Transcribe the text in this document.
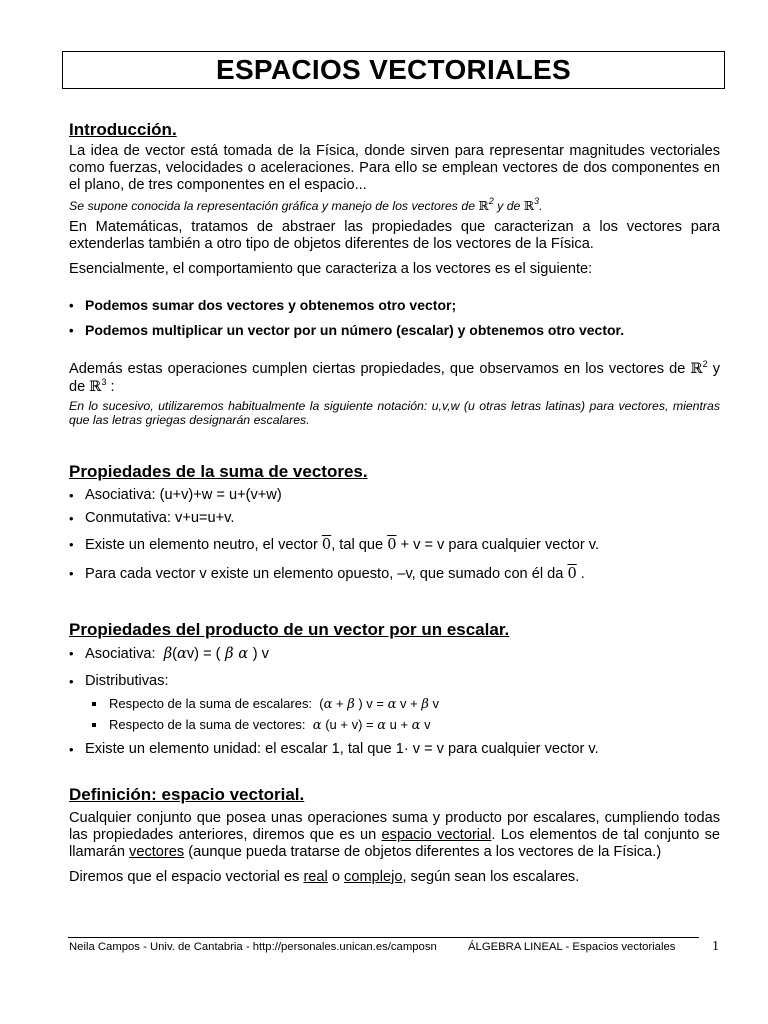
ESPACIOS VECTORIALES
Introducción.

La idea de vector está tomada de la Física, donde sirven para representar magnitudes vectoriales como fuerzas, velocidades o aceleraciones. Para ello se emplean vectores de dos componentes en el plano, de tres componentes en el espacio...

Se supone conocida la representación gráfica y manejo de los vectores de ℝ$^2$ y de ℝ$^3$.

En Matemáticas, tratamos de abstraer las propiedades que caracterizan a los vectores para extenderlas también a otro tipo de objetos diferentes de los vectores de la Física.

Esencialmente, el comportamiento que caracteriza a los vectores es el siguiente:

• Podemos sumar dos vectores y obtenemos otro vector;
• Podemos multiplicar un vector por un número (escalar) y obtenemos otro vector.

Además estas operaciones cumplen ciertas propiedades, que observamos en los vectores de ℝ$^2$ y de ℝ$^3$ :

En lo sucesivo, utilizaremos habitualmente la siguiente notación: u,v,w (u otras letras latinas) para vectores, mientras que las letras griegas designarán escalares.

Propiedades de la suma de vectores.
• Asociativa: (u+v)+w = u+(v+w)
• Conmutativa: v+u=u+v.
• Existe un elemento neutro, el vector 0, tal que 0 + v = v para cualquier vector v.
• Para cada vector v existe un elemento opuesto, –v, que sumado con él da 0 .
Propiedades del producto de un vector por un escalar.
• Asociativa: β(αv) = ( β α ) v
• Distributivas:
Respecto de la suma de escalares:  (α + β ) v = α v + β v
Respecto de la suma de vectores: α (u + v) = α u + α v
• Existe un elemento unidad: el escalar 1, tal que 1· v = v para cualquier vector v.
Definición: espacio vectorial.

Cualquier conjunto que posea unas operaciones suma y producto por escalares, cumpliendo todas las propiedades anteriores, diremos que es un espacio vectorial. Los elementos de tal conjunto se llamarán vectores (aunque pueda tratarse de objetos diferentes a los vectores de la Física.)

Diremos que el espacio vectorial es real o complejo, según sean los escalares.

Neila Campos - Univ. de Cantabria - http://personales.unican.es/camposn	ÁLGEBRA LINEAL - Espacios vectoriales	1
